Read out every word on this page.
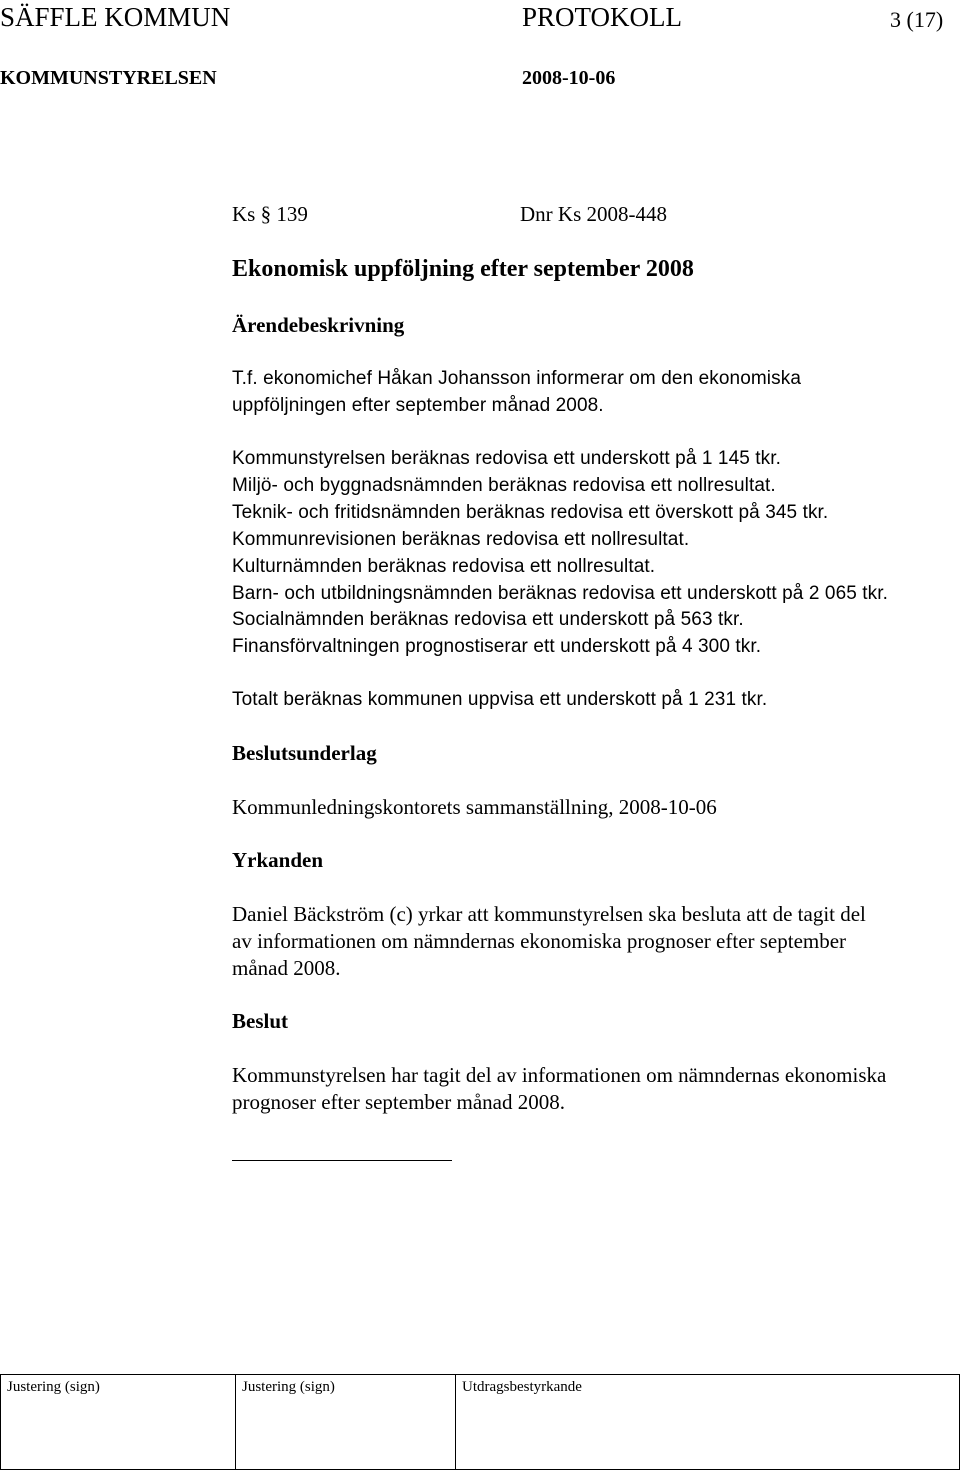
SÄFFLE KOMMUN	PROTOKOLL	3 (17)
KOMMUNSTYRELSEN	2008-10-06
Ks § 139	Dnr Ks 2008-448
Ekonomisk uppföljning efter september 2008
Ärendebeskrivning
T.f. ekonomichef Håkan Johansson informerar om den ekonomiska
uppföljningen efter september månad 2008.
Kommunstyrelsen beräknas redovisa ett underskott på 1 145 tkr.
Miljö- och byggnadsnämnden beräknas redovisa ett nollresultat.
Teknik- och fritidsnämnden beräknas redovisa ett överskott på 345 tkr.
Kommunrevisionen beräknas redovisa ett nollresultat.
Kulturnämnden beräknas redovisa ett nollresultat.
Barn- och utbildningsnämnden beräknas redovisa ett underskott på 2 065 tkr.
Socialnämnden beräknas redovisa ett underskott på 563 tkr.
Finansförvaltningen prognostiserar ett underskott på 4 300 tkr.
Totalt beräknas kommunen uppvisa ett underskott på 1 231 tkr.
Beslutsunderlag
Kommunledningskontorets sammanställning, 2008-10-06
Yrkanden
Daniel Bäckström (c) yrkar att kommunstyrelsen ska besluta att de tagit del
av informationen om nämndernas ekonomiska prognoser efter september
månad 2008.
Beslut
Kommunstyrelsen har tagit del av informationen om nämndernas ekonomiska
prognoser efter september månad 2008.
Justering (sign)	Justering (sign)	Utdragsbestyrkande
